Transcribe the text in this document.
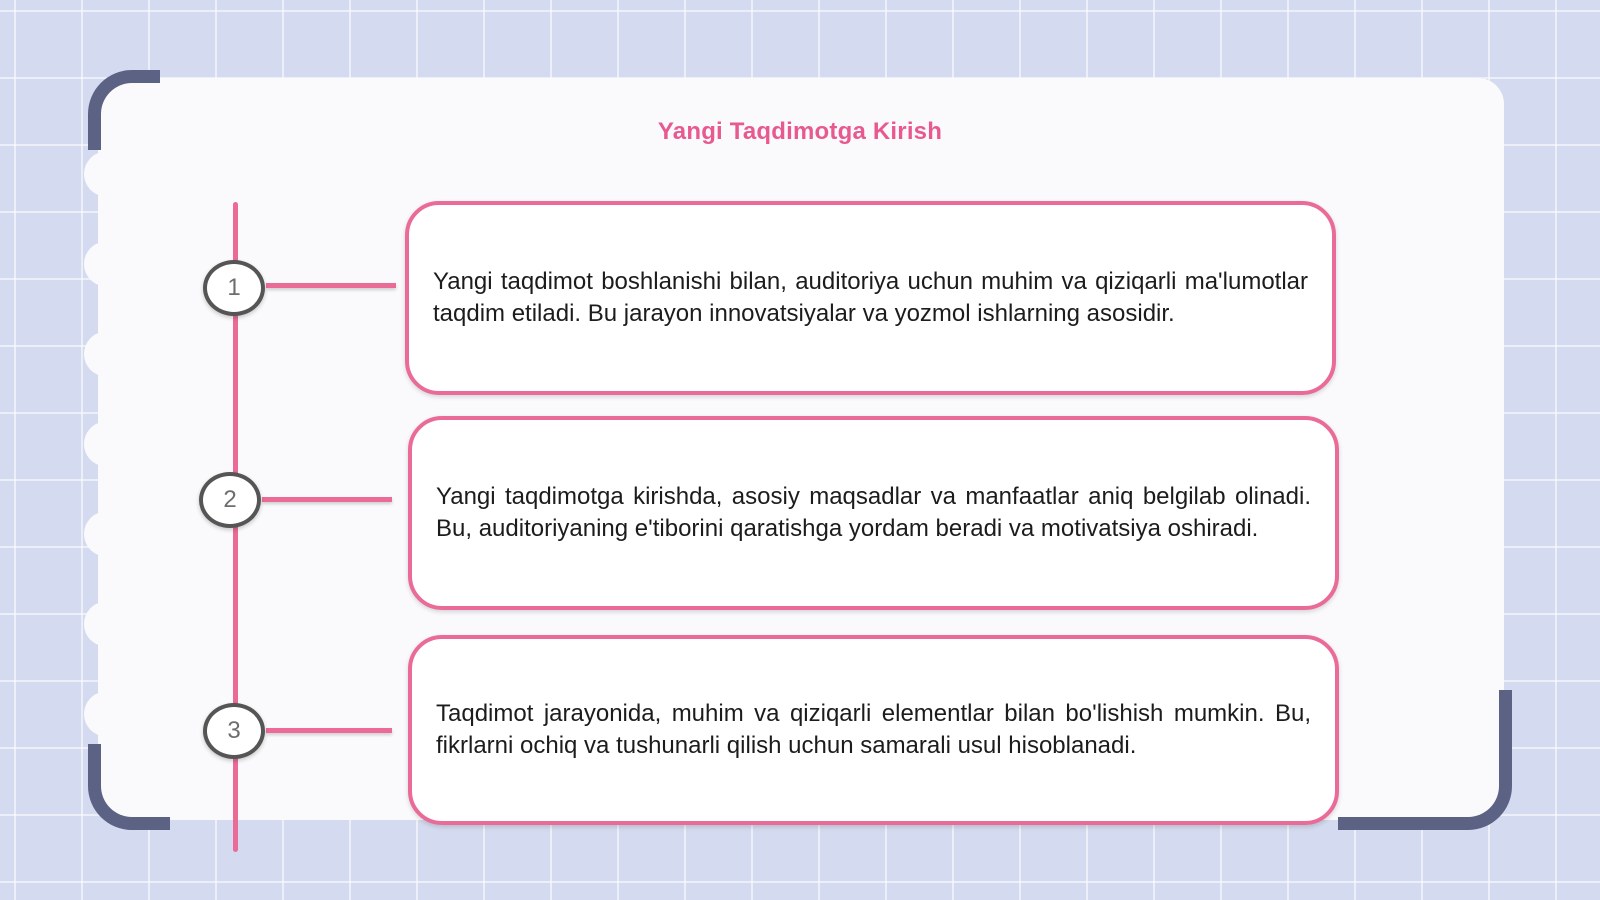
Yangi Taqdimotga Kirish
1	Yangi taqdimot boshlanishi bilan, auditoriya uchun muhim va qiziqarli ma'lumotlar taqdim etiladi. Bu jarayon innovatsiyalar va yozmol ishlarning asosidir.
2	Yangi taqdimotga kirishda, asosiy maqsadlar va manfaatlar aniq belgilab olinadi. Bu, auditoriyaning e'tiborini qaratishga yordam beradi va motivatsiya oshiradi.
3
Taqdimot jarayonida, muhim va qiziqarli elementlar bilan bo'lishish mumkin. Bu, fikrlarni ochiq va tushunarli qilish uchun samarali usul hisoblanadi.
